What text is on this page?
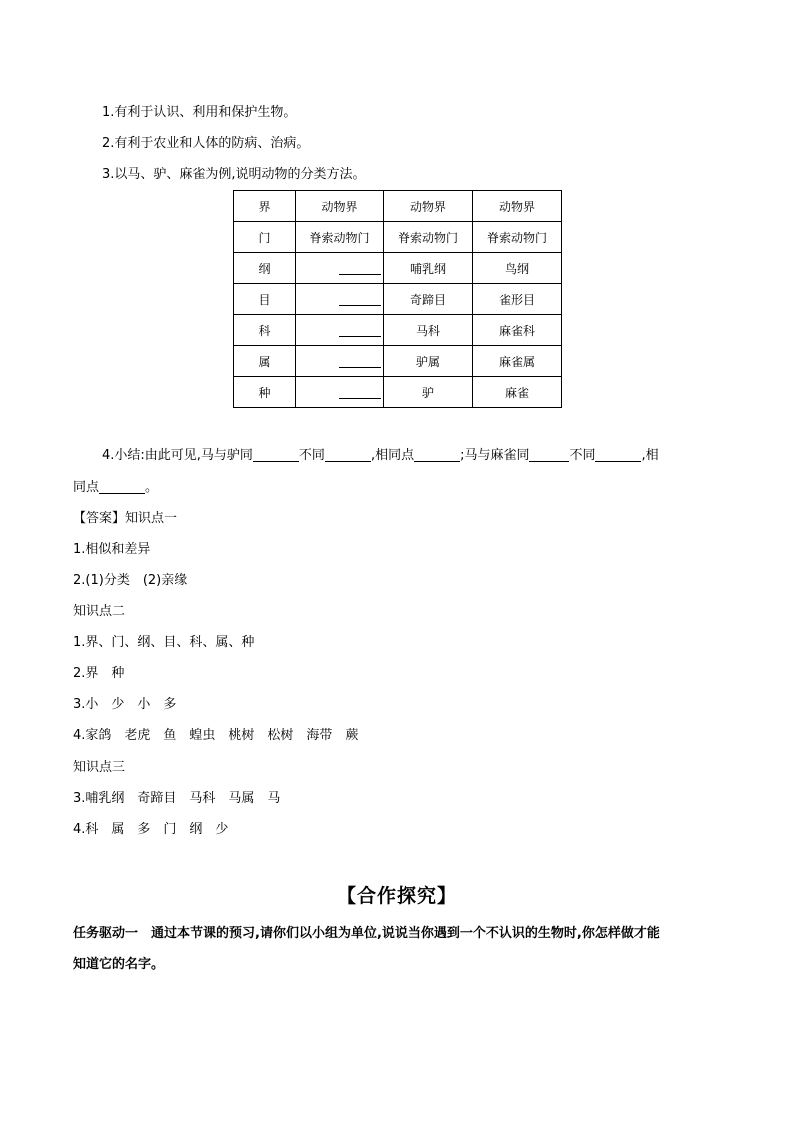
1.有利于认识、利用和保护生物。
2.有利于农业和人体的防病、治病。
3.以马、驴、麻雀为例,说明动物的分类方法。
界	动物界	动物界	动物界
门	脊索动物门	脊索动物门	脊索动物门
纲		哺乳纲	鸟纲
目		奇蹄目	雀形目
科		马科	麻雀科
属		驴属	麻雀属
种		驴	麻雀
4.小结:由此可见,马与驴同	不同	,相同点	;马与麻雀同	不同	,相
同点	。
【答案】知识点一
1.相似和差异
2.(1)分类　(2)亲缘
知识点二
1.界、门、纲、目、科、属、种
2.界　种
3.小　少　小　多
4.家鸽　老虎　鱼　蝗虫　桃树　松树　海带　蕨
知识点三
3.哺乳纲　奇蹄目　马科　马属　马
4.科　属　多　门　纲　少
【合作探究】
任务驱动一　通过本节课的预习,请你们以小组为单位,说说当你遇到一个不认识的生物时,你怎样做才能
知道它的名字。
